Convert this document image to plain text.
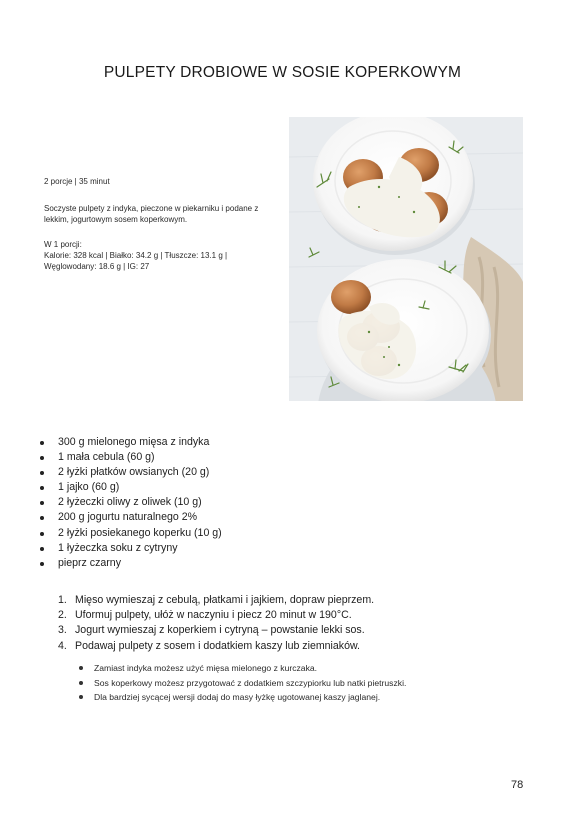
PULPETY DROBIOWE W SOSIE KOPERKOWYM

2 porcje | 35 minut

Soczyste pulpety z indyka, pieczone w piekarniku i podane z lekkim, jogurtowym sosem koperkowym.

W 1 porcji:

Kalorie: 328 kcal | Białko: 34.2 g | Tłuszcze: 13.1 g |

Węglowodany: 18.6 g | IG: 27

300 g mielonego mięsa z indyka
1 mała cebula (60 g)
2 łyżki płatków owsianych (20 g)
1 jajko (60 g)
2 łyżeczki oliwy z oliwek (10 g)
200 g jogurtu naturalnego 2%
2 łyżki posiekanego koperku (10 g)
1 łyżeczka soku z cytryny
pieprz czarny
1. Mięso wymieszaj z cebulą, płatkami i jajkiem, dopraw pieprzem.
2. Uformuj pulpety, ułóż w naczyniu i piecz 20 minut w 190°C.
3. Jogurt wymieszaj z koperkiem i cytryną – powstanie lekki sos.
4. Podawaj pulpety z sosem i dodatkiem kaszy lub ziemniaków.
Zamiast indyka możesz użyć mięsa mielonego z kurczaka.
Sos koperkowy możesz przygotować z dodatkiem szczypiorku lub natki pietruszki.
Dla bardziej sycącej wersji dodaj do masy łyżkę ugotowanej kaszy jaglanej.
78
